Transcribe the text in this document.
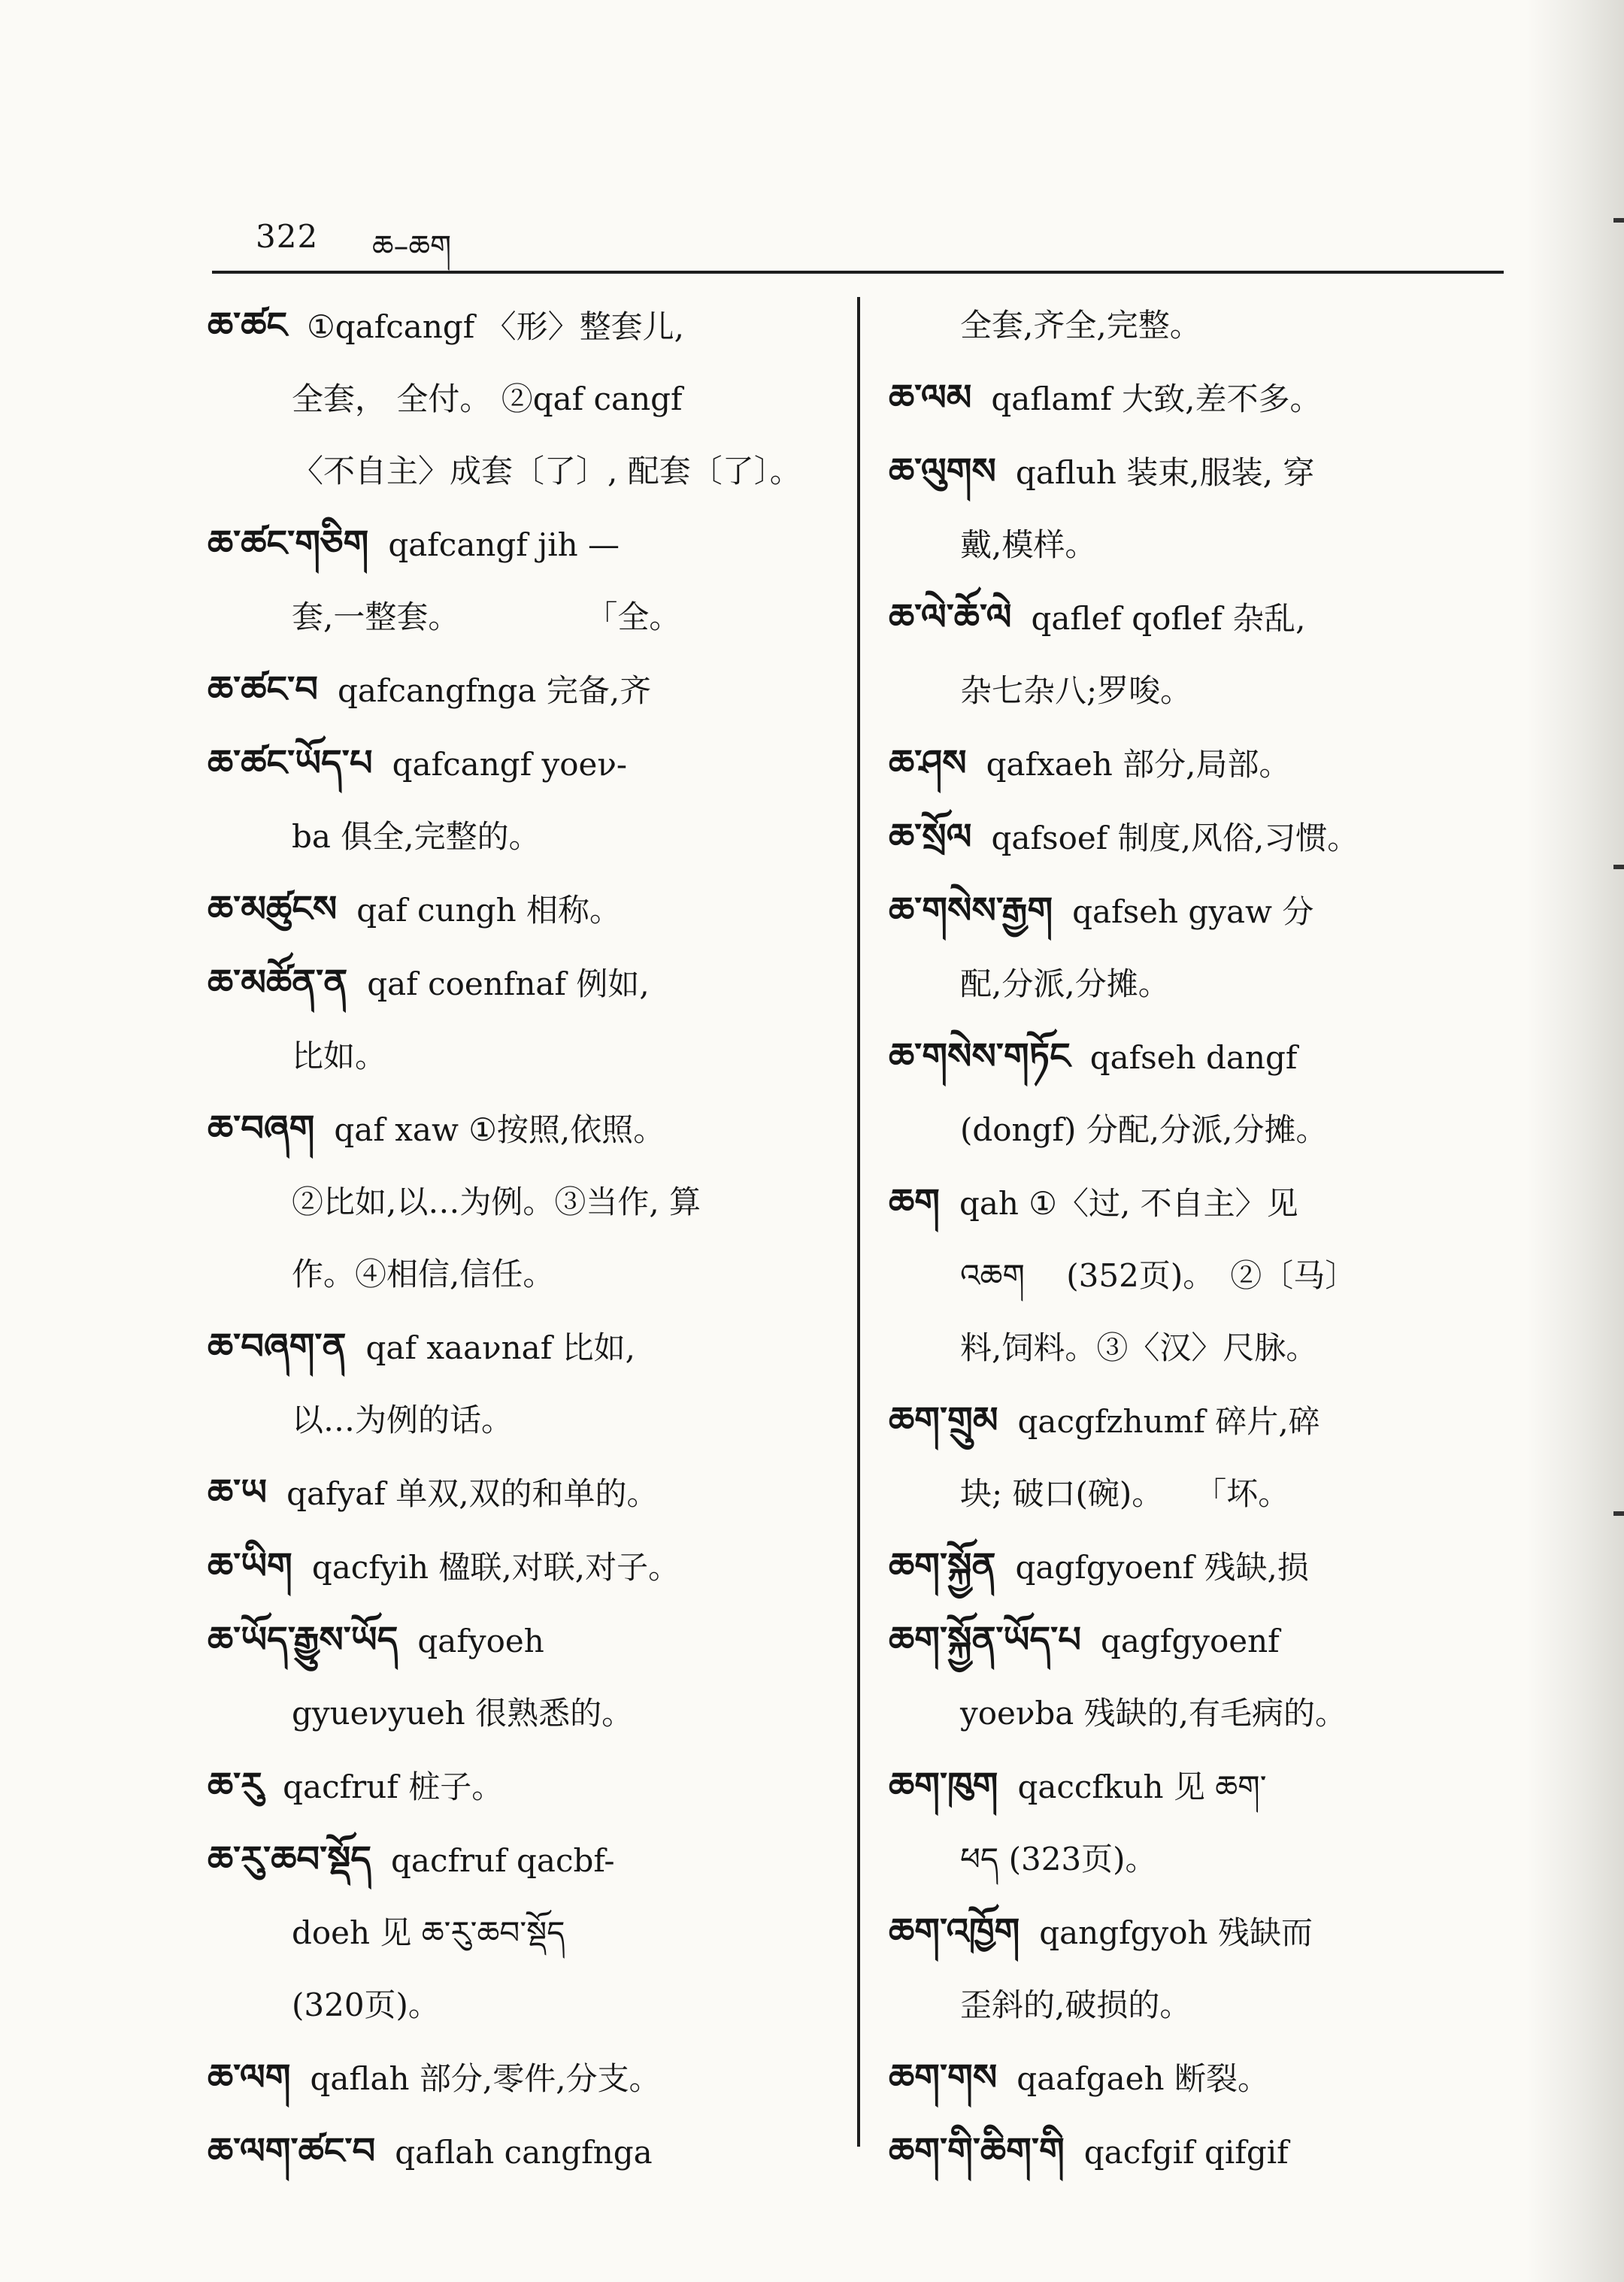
322 ཆ–ཆག
ཆ་ཚང ①qafcangf 〈形〉整套儿,
全套， 全付。 ②qaf cangf
〈不自主〉成套〔了〕, 配套〔了〕。
ཆ་ཚང་གཅིག qafcangf jih —
套,一整套。　　　　　「全。
ཆ་ཚང་བ qafcangfnga 完备,齐
ཆ་ཚང་ཡོད་པ qafcangf yoeν-
ba 俱全,完整的。
ཆ་མཚུངས qaf cungh 相称。
ཆ་མཚོན་ན qaf coenfnaf 例如,
比如。
ཆ་བཞག qaf xaw ①按照,依照。
②比如,以…为例。③当作, 算
作。④相信,信任。
ཆ་བཞག་ན qaf xaaνnaf 比如,
以…为例的话。
ཆ་ཡ qafyaf 单双,双的和单的。
ཆ་ཡིག qacfyih 楹联,对联,对子。
ཆ་ཡོད་རྒྱུས་ཡོད qafyoeh
gyueνyueh 很熟悉的。
ཆ་རུ qacfruf 桩子。
ཆ་རུ་ཆབ་སྡོད qacfruf qacbf-
doeh 见 ཆ་རུ་ཆབ་སྡོད
(320页)。
ཆ་ལག qaflah 部分,零件,分支。
ཆ་ལག་ཚང་བ qaflah cangfnga
全套,齐全,完整。
ཆ་ལམ qaflamf 大致,差不多。
ཆ་ལུགས qafluh 装束,服装, 穿
戴,模样。
ཆ་ལེ་ཆོ་ལེ qaflef qoflef 杂乱,
杂七杂八;罗唆。
ཆ་ཤས qafxaeh 部分,局部。
ཆ་སྲོལ qafsoef 制度,风俗,习惯。
ཆ་གསེས་རྒྱག qafseh gyaw 分
配,分派,分摊。
ཆ་གསེས་གཏོང qafseh dangf
(dongf) 分配,分派,分摊。
ཆག qah ①〈过, 不自主〉见
འཆག　 (352页)。　②〔马〕
料,饲料。③〈汉〉尺脉。
ཆག་གྲུམ qacgfzhumf 碎片,碎
块; 破口(碗)。　　「坏。
ཆག་སྐྱོན qagfgyoenf 残缺,损
ཆག་སྐྱོན་ཡོད་པ qagfgyoenf
yoeνba 残缺的,有毛病的。
ཆག་ཁུག qaccfkuh 见 ཆག་
ཕད (323页)。
ཆག་འཁྱོག qangfgyoh 残缺而
歪斜的,破损的。
ཆག་གས qaafgaeh 断裂。
ཆག་གི་ཆིག་གི qacfgif qifgif
